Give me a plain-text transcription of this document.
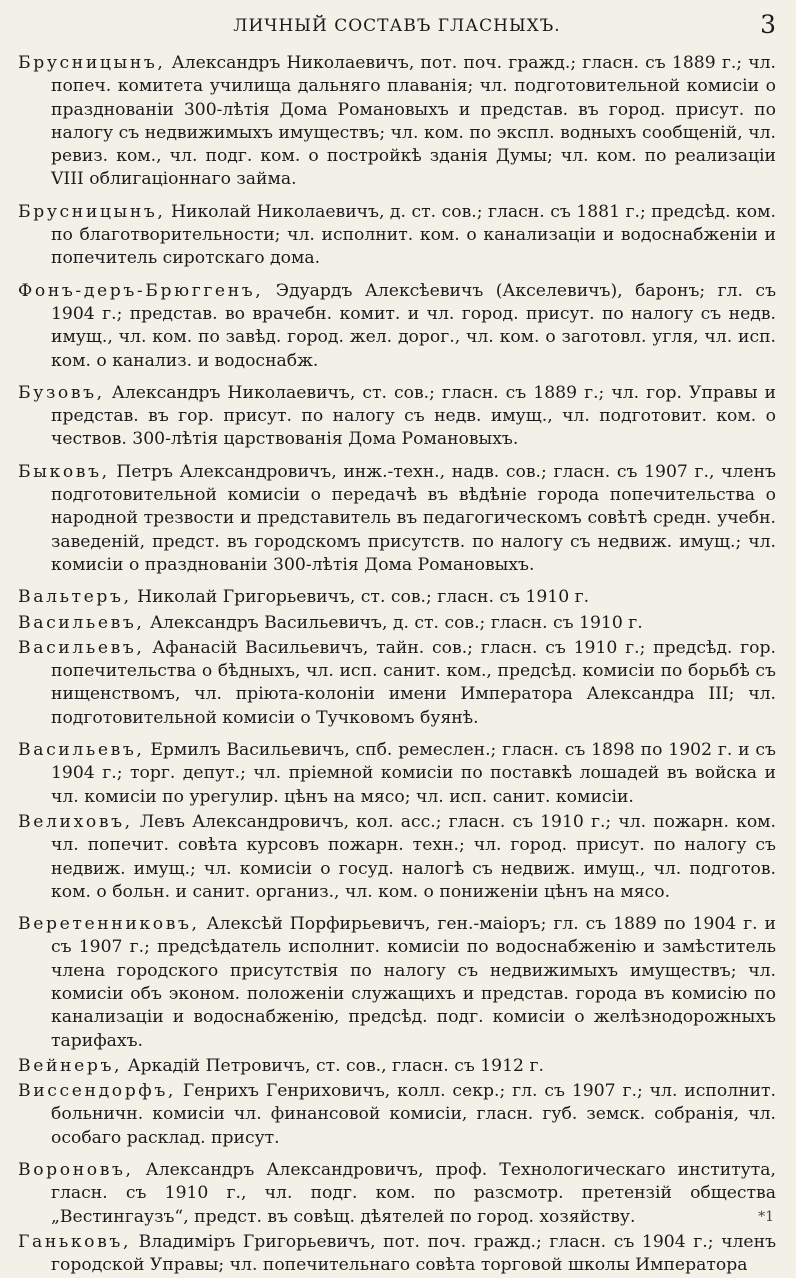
ЛИЧНЫЙ СОСТАВЪ ГЛАСНЫХЪ.	3

Брусницынъ, Александръ Николаевичъ, пот. поч. гражд.; гласн. съ 1889 г.; чл. попеч. комитета училища дальняго плаванія; чл. подготовительной комисіи о празднованіи 300-лѣтія Дома Романовыхъ и представ. въ город. присут. по налогу съ недвижимыхъ имуществъ; чл. ком. по экспл. водныхъ сообщеній, чл. ревиз. ком., чл. подг. ком. о постройкѣ зданія Думы; чл. ком. по реализаціи VIII облигаціоннаго займа.

Брусницынъ, Николай Николаевичъ, д. ст. сов.; гласн. съ 1881 г.; предсѣд. ком. по благотворительности; чл. исполнит. ком. о канализаціи и водоснабженіи и попечитель сиротскаго дома.

Фонъ-деръ-Брюггенъ, Эдуардъ Алексѣевичъ (Акселевичъ), баронъ; гл. съ 1904 г.; представ. во врачебн. комит. и чл. город. присут. по налогу съ недв. имущ., чл. ком. по завѣд. город. жел. дорог., чл. ком. о заготовл. угля, чл. исп. ком. о канализ. и водоснабж.

Бузовъ, Александръ Николаевичъ, ст. сов.; гласн. съ 1889 г.; чл. гор. Управы и представ. въ гор. присут. по налогу съ недв. имущ., чл. подготовит. ком. о чествов. 300-лѣтія царствованія Дома Романовыхъ.

Быковъ, Петръ Александровичъ, инж.-техн., надв. сов.; гласн. съ 1907 г., членъ подготовительной комисіи о передачѣ въ вѣдѣніе города попечительства о народной трезвости и представитель въ педагогическомъ совѣтѣ средн. учебн. заведеній, предст. въ городскомъ присутств. по налогу съ недвиж. имущ.; чл. комисіи о празднованіи 300-лѣтія Дома Романовыхъ.

Вальтеръ, Николай Григорьевичъ, ст. сов.; гласн. съ 1910 г.

Васильевъ, Александръ Васильевичъ, д. ст. сов.; гласн. съ 1910 г.

Васильевъ, Афанасій Васильевичъ, тайн. сов.; гласн. съ 1910 г.; предсѣд. гор. попечительства о бѣдныхъ, чл. исп. санит. ком., предсѣд. комисіи по борьбѣ съ нищенствомъ, чл. пріюта-колоніи имени Императора Александра III; чл. подготовительной комисіи о Тучковомъ буянѣ.

Васильевъ, Ермилъ Васильевичъ, спб. ремеслен.; гласн. съ 1898 по 1902 г. и съ 1904 г.; торг. депут.; чл. пріемной комисіи по поставкѣ лошадей въ войска и чл. комисіи по урегулир. цѣнъ на мясо; чл. исп. санит. комисіи.

Велиховъ, Левъ Александровичъ, кол. асс.; гласн. съ 1910 г.; чл. пожарн. ком. чл. попечит. совѣта курсовъ пожарн. техн.; чл. город. присут. по налогу съ недвиж. имущ.; чл. комисіи о госуд. налогѣ съ недвиж. имущ., чл. подготов. ком. о больн. и санит. организ., чл. ком. о пониженіи цѣнъ на мясо.

Веретенниковъ, Алексѣй Порфирьевичъ, ген.-маіоръ; гл. съ 1889 по 1904 г. и съ 1907 г.; предсѣдатель исполнит. комисіи по водоснабженію и замѣститель члена городского присутствія по налогу съ недвижимыхъ имуществъ; чл. комисіи объ эконом. положеніи служащихъ и представ. города въ комисію по канализаціи и водоснабженію, предсѣд. подг. комисіи о желѣзнодорожныхъ тарифахъ.

Вейнеръ, Аркадій Петровичъ, ст. сов., гласн. съ 1912 г.

Виссендорфъ, Генрихъ Генриховичъ, колл. секр.; гл. съ 1907 г.; чл. исполнит. больничн. комисіи чл. финансовой комисіи, гласн. губ. земск. собранія, чл. особаго расклад. присут.

Вороновъ, Александръ Александровичъ, проф. Технологическаго института, гласн. съ 1910 г., чл. подг. ком. по разсмотр. претензій общества „Вестингаузъ“, предст. въ совѣщ. дѣятелей по город. хозяйству.

Ганьковъ, Владиміръ Григорьевичъ, пот. поч. гражд.; гласн. съ 1904 г.; членъ городской Управы; чл. попечительнаго совѣта торговой школы Императора

*1
